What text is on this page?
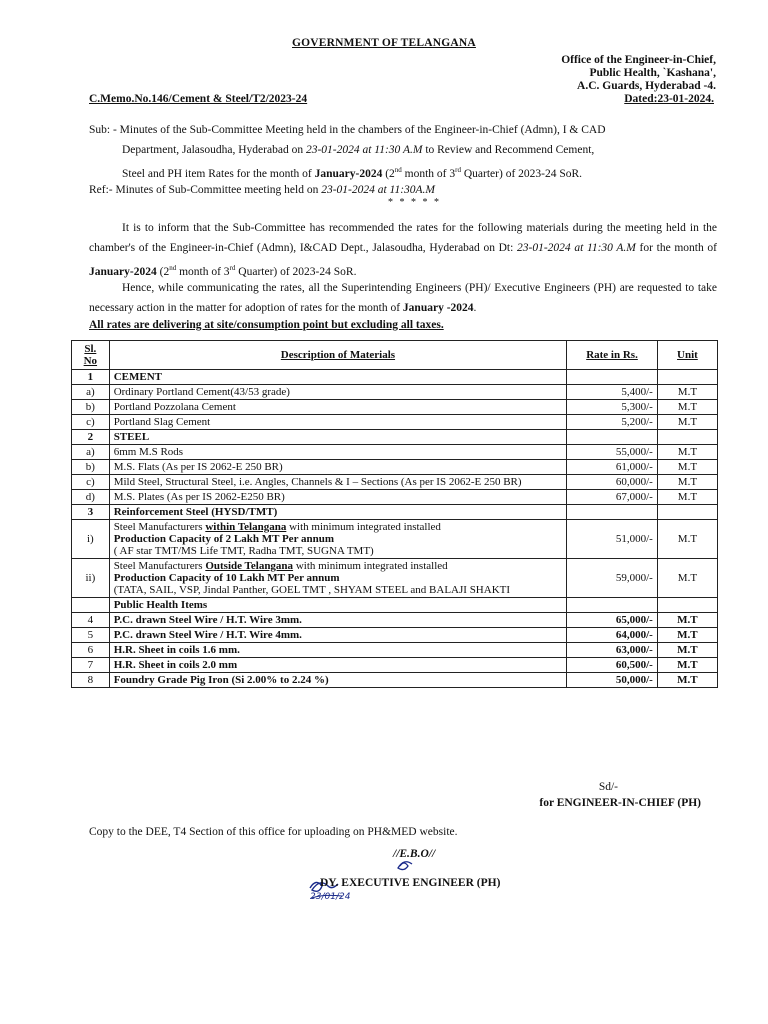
GOVERNMENT OF TELANGANA
Office of the Engineer-in-Chief,
Public Health, `Kashana',
A.C. Guards, Hyderabad -4.
C.Memo.No.146/Cement & Steel/T2/2023-24	Dated:23-01-2024.
Sub: - Minutes of the Sub-Committee Meeting held in the chambers of the Engineer-in-Chief (Admn), I & CAD
Department, Jalasoudha, Hyderabad on 23-01-2024 at 11:30 A.M to Review and Recommend Cement,
Steel and PH item Rates for the month of January-2024 (2nd month of 3rd Quarter) of 2023-24 SoR.
Ref:- Minutes of Sub-Committee meeting held on 23-01-2024 at 11:30A.M
* * * * *
It is to inform that the Sub-Committee has recommended the rates for the following materials during the meeting held in the chamber's of the Engineer-in-Chief (Admn), I&CAD Dept., Jalasoudha, Hyderabad on Dt: 23-01-2024 at 11:30 A.M for the month of January-2024 (2nd month of 3rd Quarter) of 2023-24 SoR.
Hence, while communicating the rates, all the Superintending Engineers (PH)/ Executive Engineers (PH) are requested to take necessary action in the matter for adoption of rates for the month of January -2024.
All rates are delivering at site/consumption point but excluding all taxes.
Sl.
No	Description of Materials	Rate in Rs.	Unit
1	CEMENT		
a)	Ordinary Portland Cement(43/53 grade)	5,400/-	M.T
b)	Portland Pozzolana Cement	5,300/-	M.T
c)	Portland Slag Cement	5,200/-	M.T
2	STEEL		
a)	6mm M.S Rods	55,000/-	M.T
b)	M.S. Flats (As per IS 2062-E 250 BR)	61,000/-	M.T
c)	Mild Steel, Structural Steel, i.e. Angles, Channels & I – Sections (As per IS 2062-E 250 BR)	60,000/-	M.T
d)	M.S. Plates (As per IS 2062-E250 BR)	67,000/-	M.T
3	Reinforcement Steel (HYSD/TMT)		
i)	Steel Manufacturers within Telangana with minimum integrated installed
Production Capacity of 2 Lakh MT Per annum
( AF star TMT/MS Life TMT, Radha TMT, SUGNA TMT)	51,000/-	M.T
ii)	Steel Manufacturers Outside Telangana with minimum integrated installed
Production Capacity of 10 Lakh MT Per annum
(TATA, SAIL, VSP, Jindal Panther, GOEL TMT , SHYAM STEEL and BALAJI SHAKTI	59,000/-	M.T
	Public Health Items		
4	P.C. drawn Steel Wire / H.T. Wire 3mm.	65,000/-	M.T
5	P.C. drawn Steel Wire / H.T. Wire 4mm.	64,000/-	M.T
6	H.R. Sheet in coils 1.6 mm.	63,000/-	M.T
7	H.R. Sheet in coils 2.0 mm	60,500/-	M.T
8	Foundry Grade Pig Iron (Si 2.00% to 2.24 %)	50,000/-	M.T
Sd/-
for ENGINEER-IN-CHIEF (PH)
Copy to the DEE, T4 Section of this office for uploading on PH&MED website.
//E.B.O//
23/01/24
DY. EXECUTIVE ENGINEER (PH)
